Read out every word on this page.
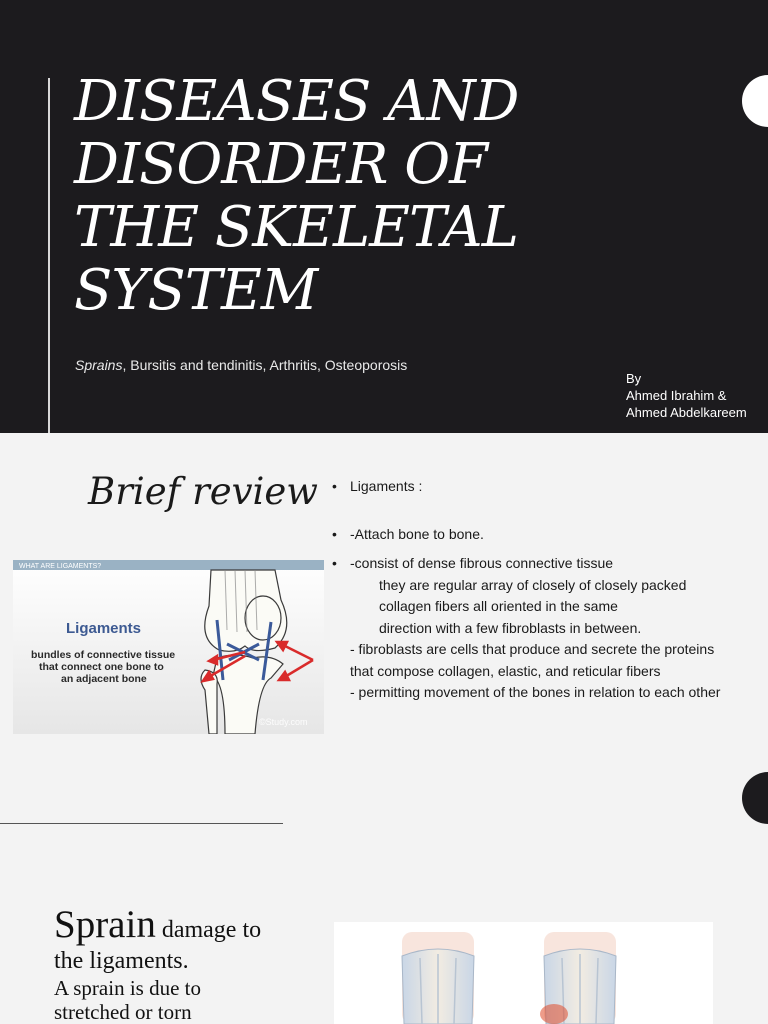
DISEASES AND
DISORDER OF
THE SKELETAL
SYSTEM
Sprains, Bursitis and tendinitis, Arthritis, Osteoporosis
By
Ahmed Ibrahim &
Ahmed Abdelkareem
Brief review
WHAT ARE LIGAMENTS?
Ligaments
bundles of connective tissue
that connect one bone to
an adjacent bone
©Study.com
• Ligaments :
• -Attach bone to bone.
• -consist of dense fibrous connective tissue
they are regular array of closely of closely packed
collagen fibers all oriented in the same
direction with a few fibroblasts in between.
- fibroblasts are cells that produce and secrete the proteins that compose collagen, elastic, and reticular fibers
- permitting movement of the bones in relation to each other
Sprain damage to
the ligaments.
A sprain is due to
stretched or torn
